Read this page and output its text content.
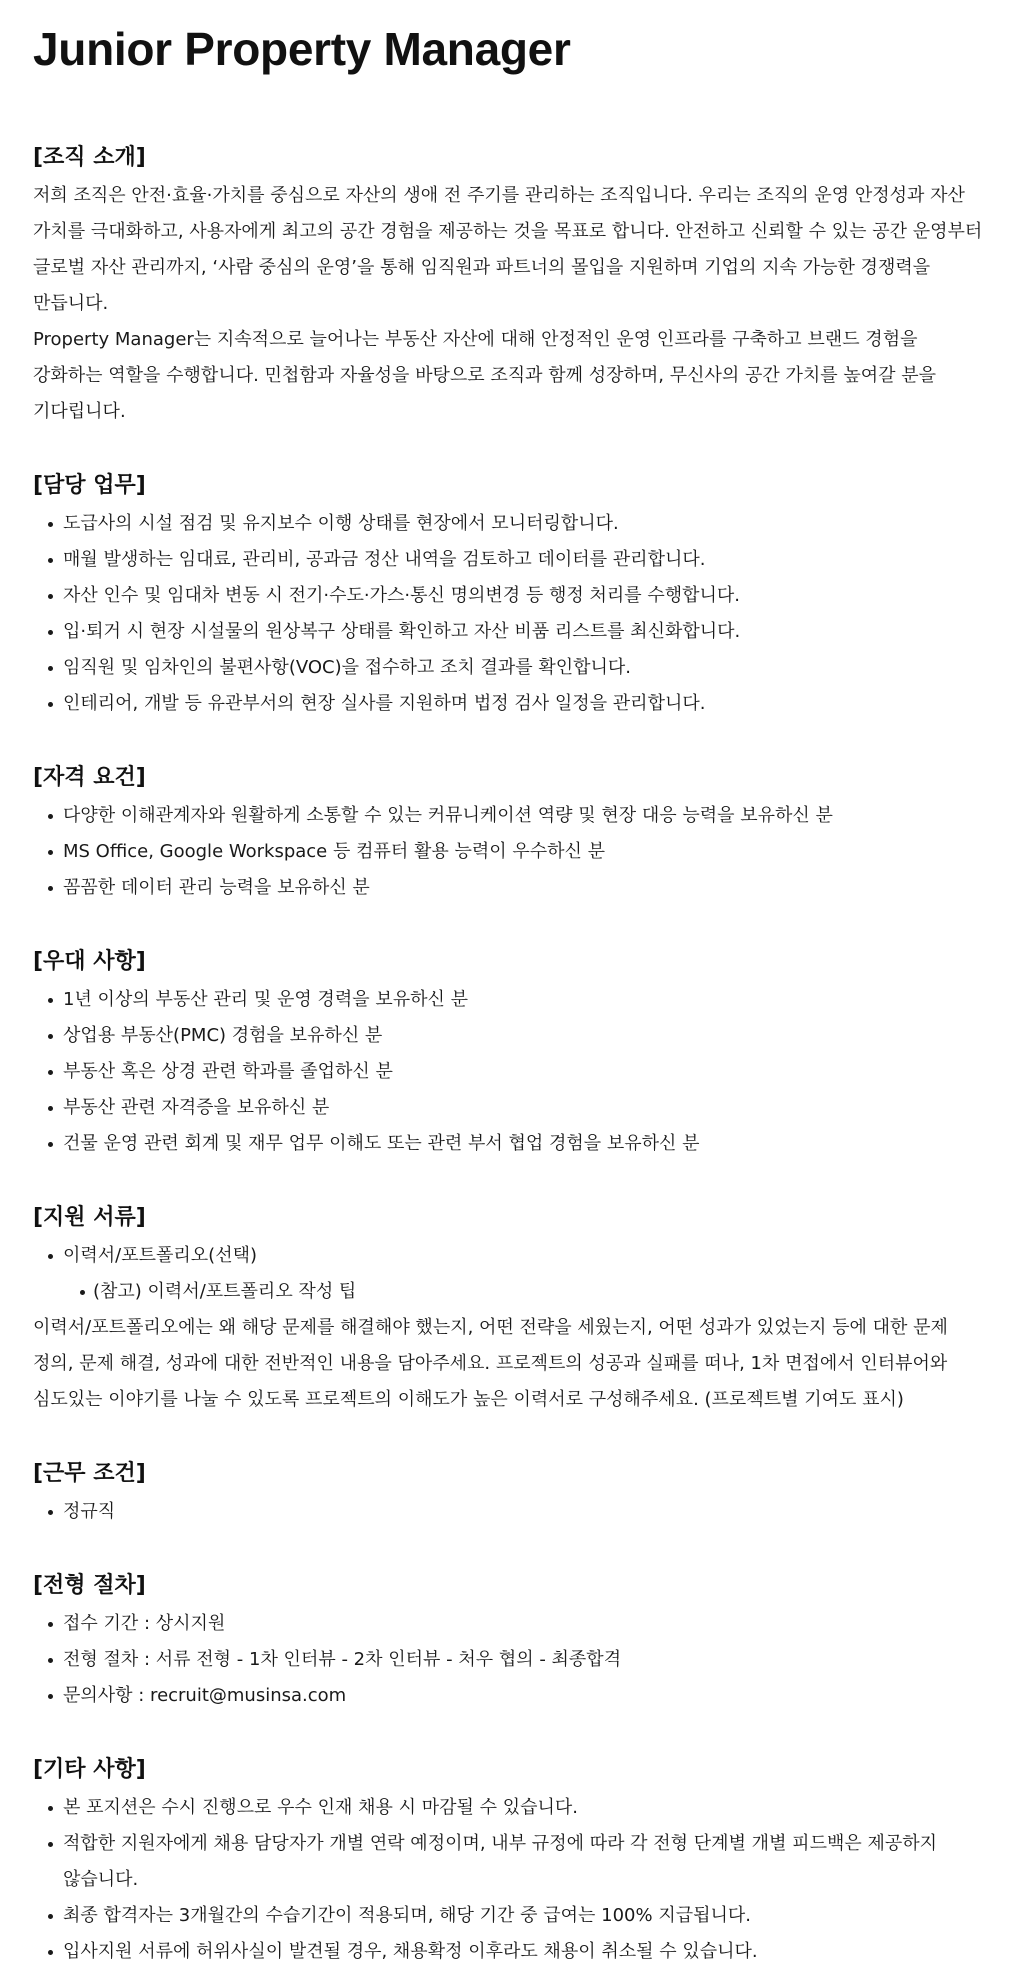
Junior Property Manager
[조직 소개]

저희 조직은 안전·효율·가치를 중심으로 자산의 생애 전 주기를 관리하는 조직입니다. 우리는 조직의 운영 안정성과 자산 가치를 극대화하고, 사용자에게 최고의 공간 경험을 제공하는 것을 목표로 합니다. 안전하고 신뢰할 수 있는 공간 운영부터 글로벌 자산 관리까지, ‘사람 중심의 운영’을 통해 임직원과 파트너의 몰입을 지원하며 기업의 지속 가능한 경쟁력을 만듭니다.

Property Manager는 지속적으로 늘어나는 부동산 자산에 대해 안정적인 운영 인프라를 구축하고 브랜드 경험을 강화하는 역할을 수행합니다. 민첩함과 자율성을 바탕으로 조직과 함께 성장하며, 무신사의 공간 가치를 높여갈 분을 기다립니다.

[담당 업무]
도급사의 시설 점검 및 유지보수 이행 상태를 현장에서 모니터링합니다.
매월 발생하는 임대료, 관리비, 공과금 정산 내역을 검토하고 데이터를 관리합니다.
자산 인수 및 임대차 변동 시 전기·수도·가스·통신 명의변경 등 행정 처리를 수행합니다.
입·퇴거 시 현장 시설물의 원상복구 상태를 확인하고 자산 비품 리스트를 최신화합니다.
임직원 및 임차인의 불편사항(VOC)을 접수하고 조치 결과를 확인합니다.
인테리어, 개발 등 유관부서의 현장 실사를 지원하며 법정 검사 일정을 관리합니다.
[자격 요건]
다양한 이해관계자와 원활하게 소통할 수 있는 커뮤니케이션 역량 및 현장 대응 능력을 보유하신 분
MS Office, Google Workspace 등 컴퓨터 활용 능력이 우수하신 분
꼼꼼한 데이터 관리 능력을 보유하신 분
[우대 사항]
1년 이상의 부동산 관리 및 운영 경력을 보유하신 분
상업용 부동산(PMC) 경험을 보유하신 분
부동산 혹은 상경 관련 학과를 졸업하신 분
부동산 관련 자격증을 보유하신 분
건물 운영 관련 회계 및 재무 업무 이해도 또는 관련 부서 협업 경험을 보유하신 분
[지원 서류]
이력서/포트폴리오(선택)
(참고) 이력서/포트폴리오 작성 팁

이력서/포트폴리오에는 왜 해당 문제를 해결해야 했는지, 어떤 전략을 세웠는지, 어떤 성과가 있었는지 등에 대한 문제 정의, 문제 해결, 성과에 대한 전반적인 내용을 담아주세요. 프로젝트의 성공과 실패를 떠나, 1차 면접에서 인터뷰어와 심도있는 이야기를 나눌 수 있도록 프로젝트의 이해도가 높은 이력서로 구성해주세요. (프로젝트별 기여도 표시)

[근무 조건]
정규직
[전형 절차]
접수 기간 : 상시지원
전형 절차 : 서류 전형 - 1차 인터뷰 - 2차 인터뷰 - 처우 협의 - 최종합격
문의사항 : recruit@musinsa.com
[기타 사항]
본 포지션은 수시 진행으로 우수 인재 채용 시 마감될 수 있습니다.
적합한 지원자에게 채용 담당자가 개별 연락 예정이며, 내부 규정에 따라 각 전형 단계별 개별 피드백은 제공하지 않습니다.
최종 합격자는 3개월간의 수습기간이 적용되며, 해당 기간 중 급여는 100% 지급됩니다.
입사지원 서류에 허위사실이 발견될 경우, 채용확정 이후라도 채용이 취소될 수 있습니다.
